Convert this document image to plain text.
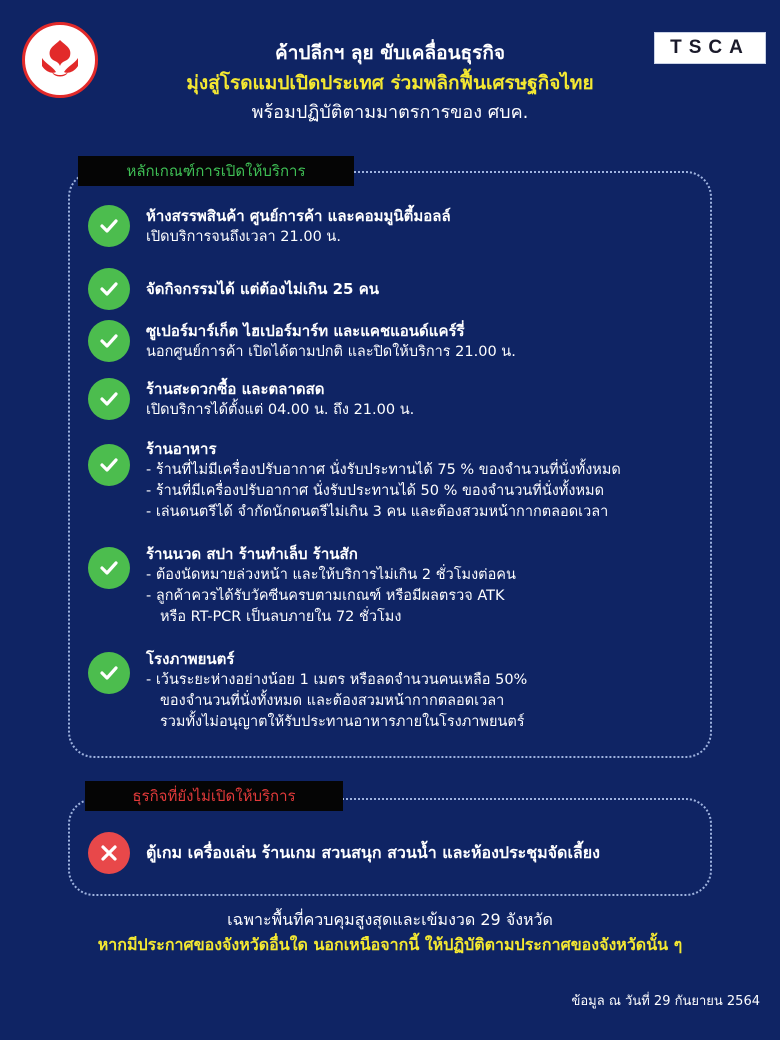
TSCA
ค้าปลีกฯ ลุย ขับเคลื่อนธุรกิจ
มุ่งสู่โรดแมปเปิดประเทศ ร่วมพลิกฟื้นเศรษฐกิจไทย
พร้อมปฏิบัติตามมาตรการของ ศบค.
หลักเกณฑ์การเปิดให้บริการ
ห้างสรรพสินค้า ศูนย์การค้า และคอมมูนิตี้มอลล์
เปิดบริการจนถึงเวลา 21.00 น.
จัดกิจกรรมได้ แต่ต้องไม่เกิน 25 คน
ซูเปอร์มาร์เก็ต ไฮเปอร์มาร์ท และแคชแอนด์แคร์รี่
นอกศูนย์การค้า เปิดได้ตามปกติ และปิดให้บริการ 21.00 น.
ร้านสะดวกซื้อ และตลาดสด
เปิดบริการได้ตั้งแต่ 04.00 น. ถึง 21.00 น.
ร้านอาหาร
- ร้านที่ไม่มีเครื่องปรับอากาศ นั่งรับประทานได้ 75 % ของจำนวนที่นั่งทั้งหมด
- ร้านที่มีเครื่องปรับอากาศ นั่งรับประทานได้ 50 % ของจำนวนที่นั่งทั้งหมด
- เล่นดนตรีได้ จำกัดนักดนตรีไม่เกิน 3 คน และต้องสวมหน้ากากตลอดเวลา
ร้านนวด สปา ร้านทำเล็บ ร้านสัก
- ต้องนัดหมายล่วงหน้า และให้บริการไม่เกิน 2 ชั่วโมงต่อคน
- ลูกค้าควรได้รับวัคซีนครบตามเกณฑ์ หรือมีผลตรวจ ATK
หรือ RT-PCR เป็นลบภายใน 72 ชั่วโมง
โรงภาพยนตร์
- เว้นระยะห่างอย่างน้อย 1 เมตร หรือลดจำนวนคนเหลือ 50%
ของจำนวนที่นั่งทั้งหมด และต้องสวมหน้ากากตลอดเวลา
รวมทั้งไม่อนุญาตให้รับประทานอาหารภายในโรงภาพยนตร์
ธุรกิจที่ยังไม่เปิดให้บริการ
ตู้เกม เครื่องเล่น ร้านเกม สวนสนุก สวนน้ำ และห้องประชุมจัดเลี้ยง
เฉพาะพื้นที่ควบคุมสูงสุดและเข้มงวด 29 จังหวัด
หากมีประกาศของจังหวัดอื่นใด นอกเหนือจากนี้ ให้ปฏิบัติตามประกาศของจังหวัดนั้น ๆ
ข้อมูล ณ วันที่ 29 กันยายน 2564
